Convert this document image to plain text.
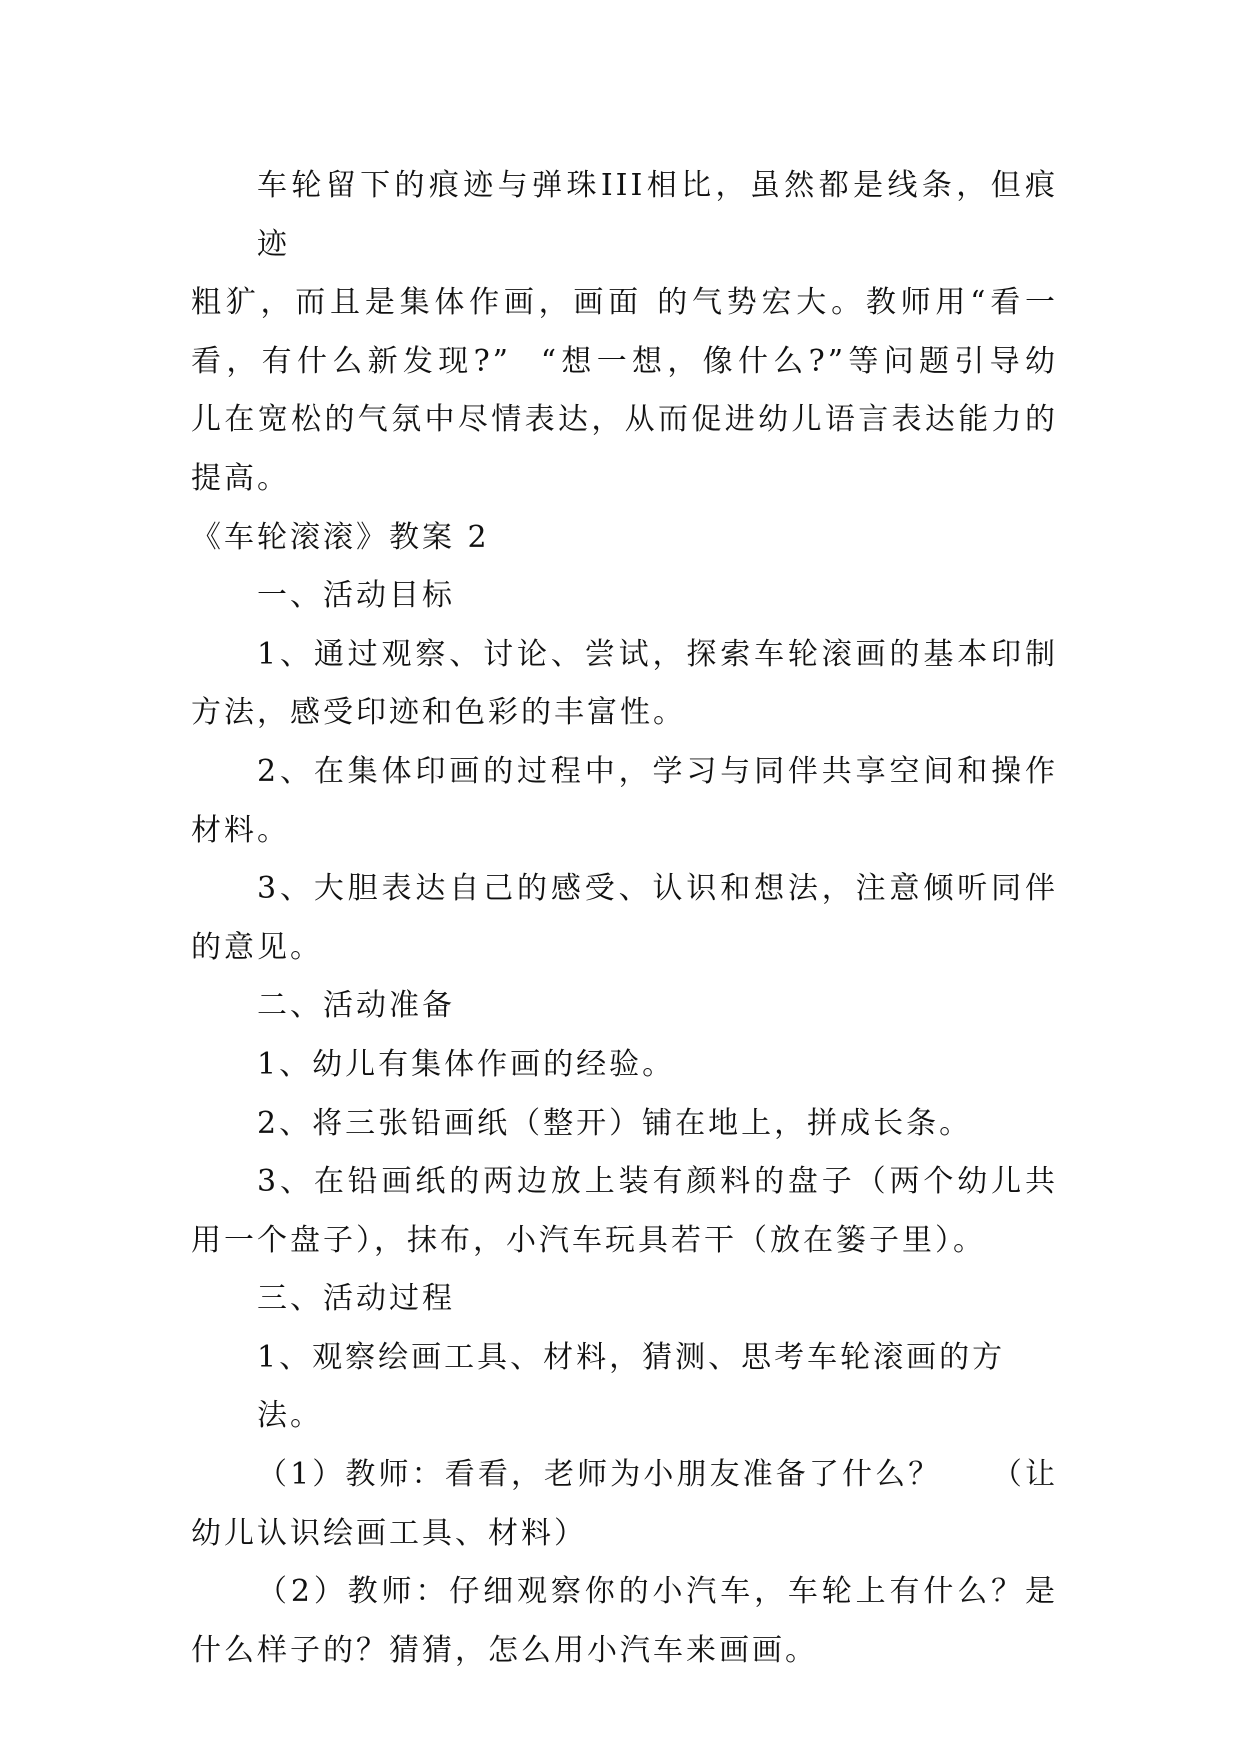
车轮留下的痕迹与弹珠III相比，虽然都是线条，但痕迹
粗犷，而且是集体作画，画面 的气势宏大。教师用“看一
看，有什么新发现?”  “想一想，像什么?”等问题引导幼
儿在宽松的气氛中尽情表达，从而促进幼儿语言表达能力的
提高。
《车轮滚滚》教案 2
一、活动目标
1、通过观察、讨论、尝试，探索车轮滚画的基本印制
方法，感受印迹和色彩的丰富性。
2、在集体印画的过程中，学习与同伴共享空间和操作
材料。
3、大胆表达自己的感受、认识和想法，注意倾听同伴
的意见。
二、活动准备
1、幼儿有集体作画的经验。
2、将三张铅画纸（整开）铺在地上，拼成长条。
3、在铅画纸的两边放上装有颜料的盘子（两个幼儿共
用一个盘子），抹布，小汽车玩具若干（放在篓子里）。
三、活动过程
1、观察绘画工具、材料，猜测、思考车轮滚画的方法。
（1）教师：看看，老师为小朋友准备了什么？    （让
幼儿认识绘画工具、材料）
（2）教师：仔细观察你的小汽车，车轮上有什么？是
什么样子的？猜猜，怎么用小汽车来画画。
